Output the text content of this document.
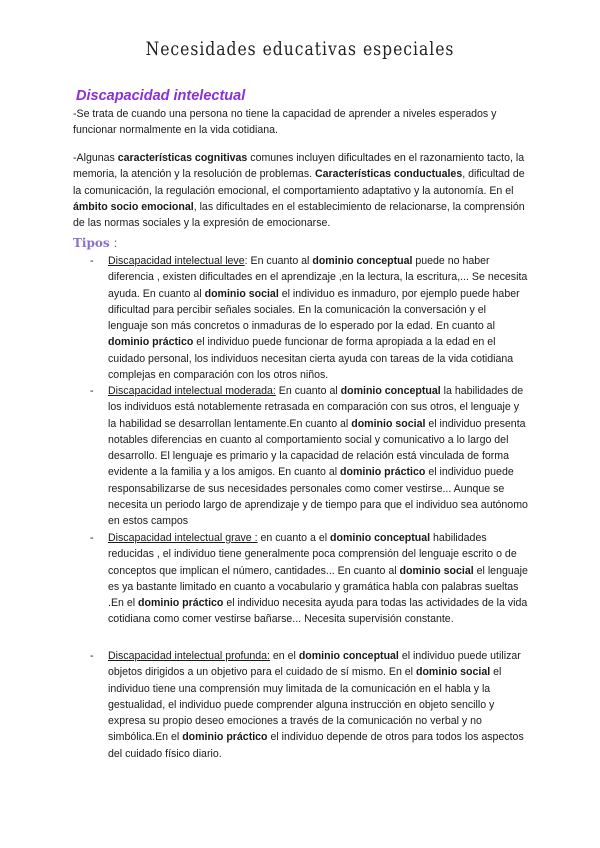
Necesidades educativas especiales
Discapacidad intelectual

-Se trata de cuando una persona no tiene la capacidad de aprender a niveles esperados y funcionar normalmente en la vida cotidiana.

-Algunas características cognitivas comunes incluyen dificultades en el razonamiento tacto, la memoria, la atención y la resolución de problemas. Características conductuales, dificultad de la comunicación, la regulación emocional, el comportamiento adaptativo y la autonomía. En el ámbito socio emocional, las dificultades en el establecimiento de relacionarse, la comprensión de las normas sociales y la expresión de emocionarse.

Tipos :
- Discapacidad intelectual leve: En cuanto al dominio conceptual puede no haber diferencia , existen dificultades en el aprendizaje ,en la lectura, la escritura,... Se necesita ayuda. En cuanto al dominio social el individuo es inmaduro, por ejemplo puede haber dificultad para percibir señales sociales. En la comunicación la conversación y el lenguaje son más concretos o inmaduras de lo esperado por la edad. En cuanto al dominio práctico el individuo puede funcionar de forma apropiada a la edad en el cuidado personal, los individuos necesitan cierta ayuda con tareas de la vida cotidiana complejas en comparación con los otros niños.

- Discapacidad intelectual moderada: En cuanto al dominio conceptual la habilidades de los individuos está notablemente retrasada en comparación con sus otros, el lenguaje y la habilidad se desarrollan lentamente.En cuanto al dominio social el individuo presenta notables diferencias en cuanto al comportamiento social y comunicativo a lo largo del desarrollo. El lenguaje es primario y la capacidad de relación está vinculada de forma evidente a la familia y a los amigos. En cuanto al dominio práctico el individuo puede responsabilizarse de sus necesidades personales como comer vestirse... Aunque se necesita un periodo largo de aprendizaje y de tiempo para que el individuo sea autónomo en estos campos

- Discapacidad intelectual grave : en cuanto a el dominio conceptual habilidades reducidas , el individuo tiene generalmente poca comprensión del lenguaje escrito o de conceptos que implican el número, cantidades... En cuanto al dominio social el lenguaje es ya bastante limitado en cuanto a vocabulario y gramática habla con palabras sueltas .En el dominio práctico el individuo necesita ayuda para todas las actividades de la vida cotidiana como comer vestirse bañarse... Necesita supervisión constante.

- Discapacidad intelectual profunda: en el dominio conceptual el individuo puede utilizar objetos dirigidos a un objetivo para el cuidado de sí mismo. En el dominio social el individuo tiene una comprensión muy limitada de la comunicación en el habla y la gestualidad, el individuo puede comprender alguna instrucción en objeto sencillo y expresa su propio deseo emociones a través de la comunicación no verbal y no simbólica.En el dominio práctico el individuo depende de otros para todos los aspectos del cuidado físico diario.
